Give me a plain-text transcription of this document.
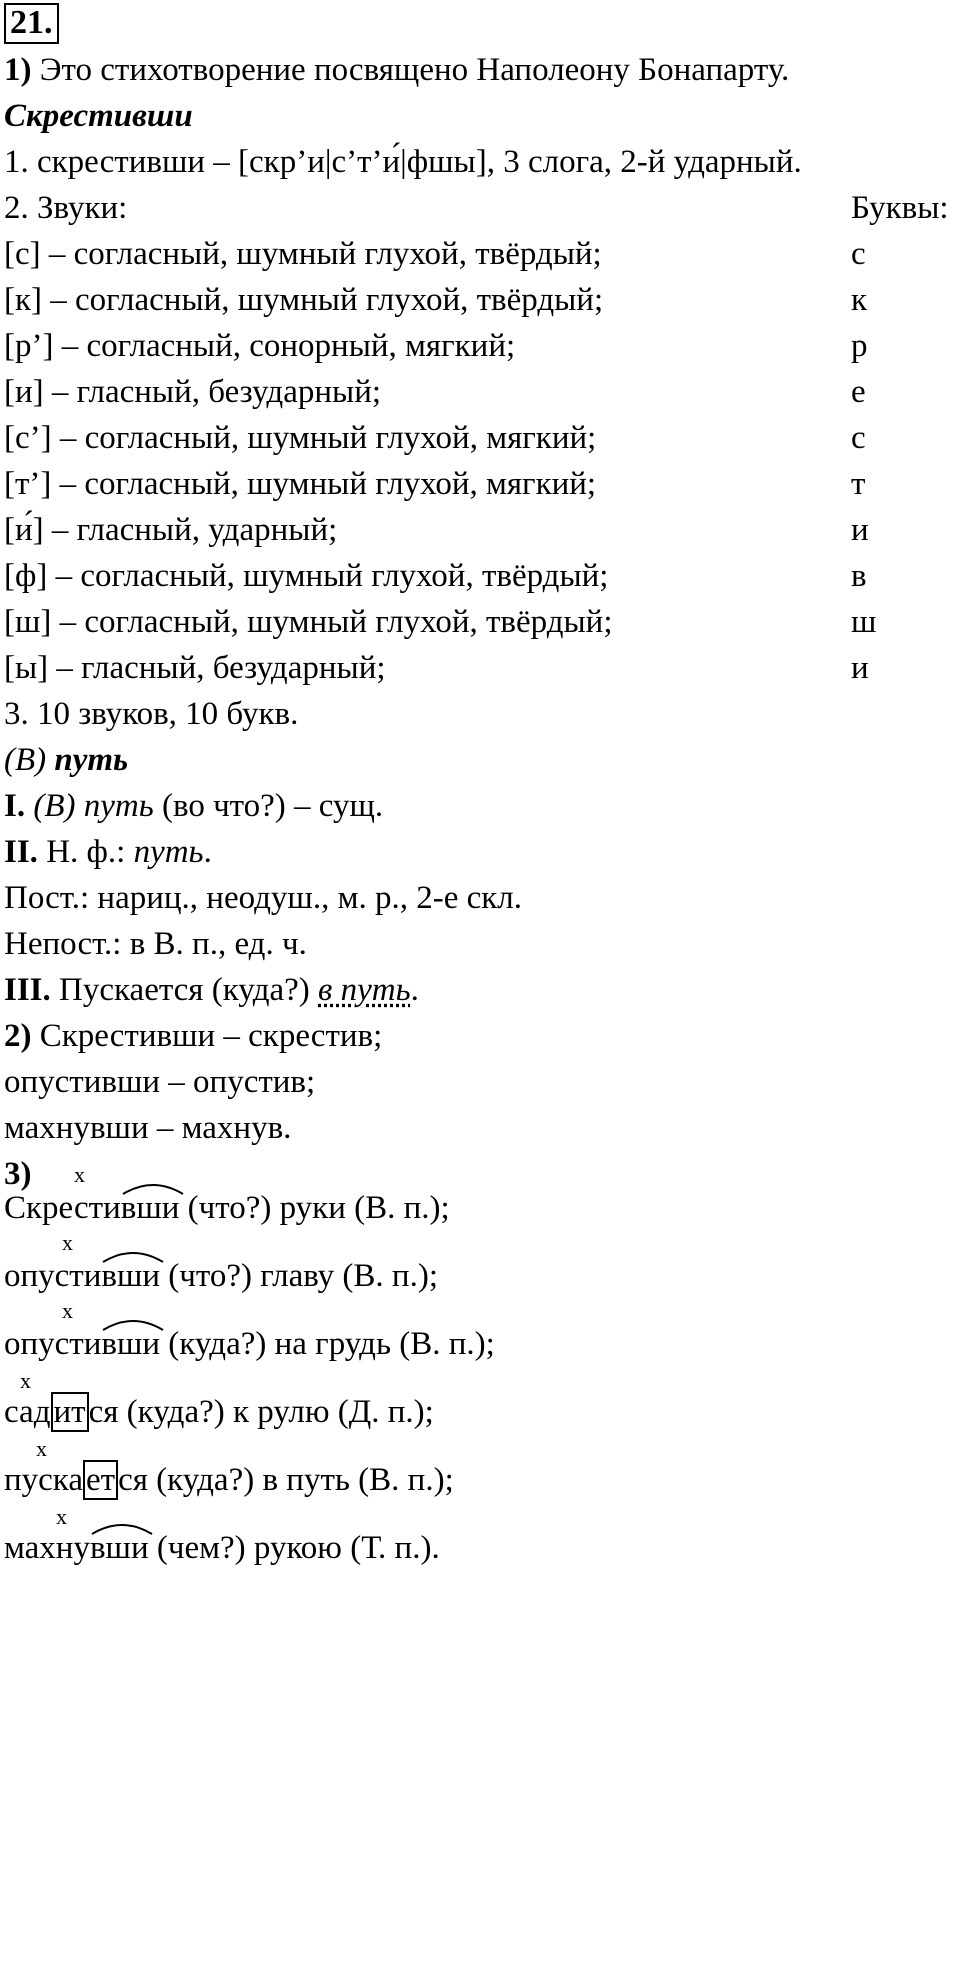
21.
1) Это стихотворение посвящено Наполеону Бонапарту.
Скрестивши
1. скрестивши – [скр’и|с’т’и́|фшы], 3 слога, 2-й ударный.
2. Звуки:	Буквы:
[с] – согласный, шумный глухой, твёрдый;	с
[к] – согласный, шумный глухой, твёрдый;	к
[р’] – согласный, сонорный, мягкий;	р
[и] – гласный, безударный;	е
[с’] – согласный, шумный глухой, мягкий;	с
[т’] – согласный, шумный глухой, мягкий;	т
[и́] – гласный, ударный;	и
[ф] – согласный, шумный глухой, твёрдый;	в
[ш] – согласный, шумный глухой, твёрдый;	ш
[ы] – гласный, безударный;	и
3. 10 звуков, 10 букв.
(В) путь
I. (В) путь (во что?) – сущ.
II. Н. ф.: путь.
Пост.: нариц., неодуш., м. р., 2-е скл.
Непост.: в В. п., ед. ч.
III. Пускается (куда?) в путь.
2) Скрестивши – скрестив;
опустивши – опустив;
махнувши – махнув.
3) x
Скрести
вши (что?) руки (В. п.);
x
опусти
вши (что?) главу (В. п.);
x
опусти
вши (куда?) на грудь (В. п.);
x
садится (куда?) к рулю (Д. п.);
x
пускается (куда?) в путь (В. п.);
x
махну
вши (чем?) рукою (Т. п.).
